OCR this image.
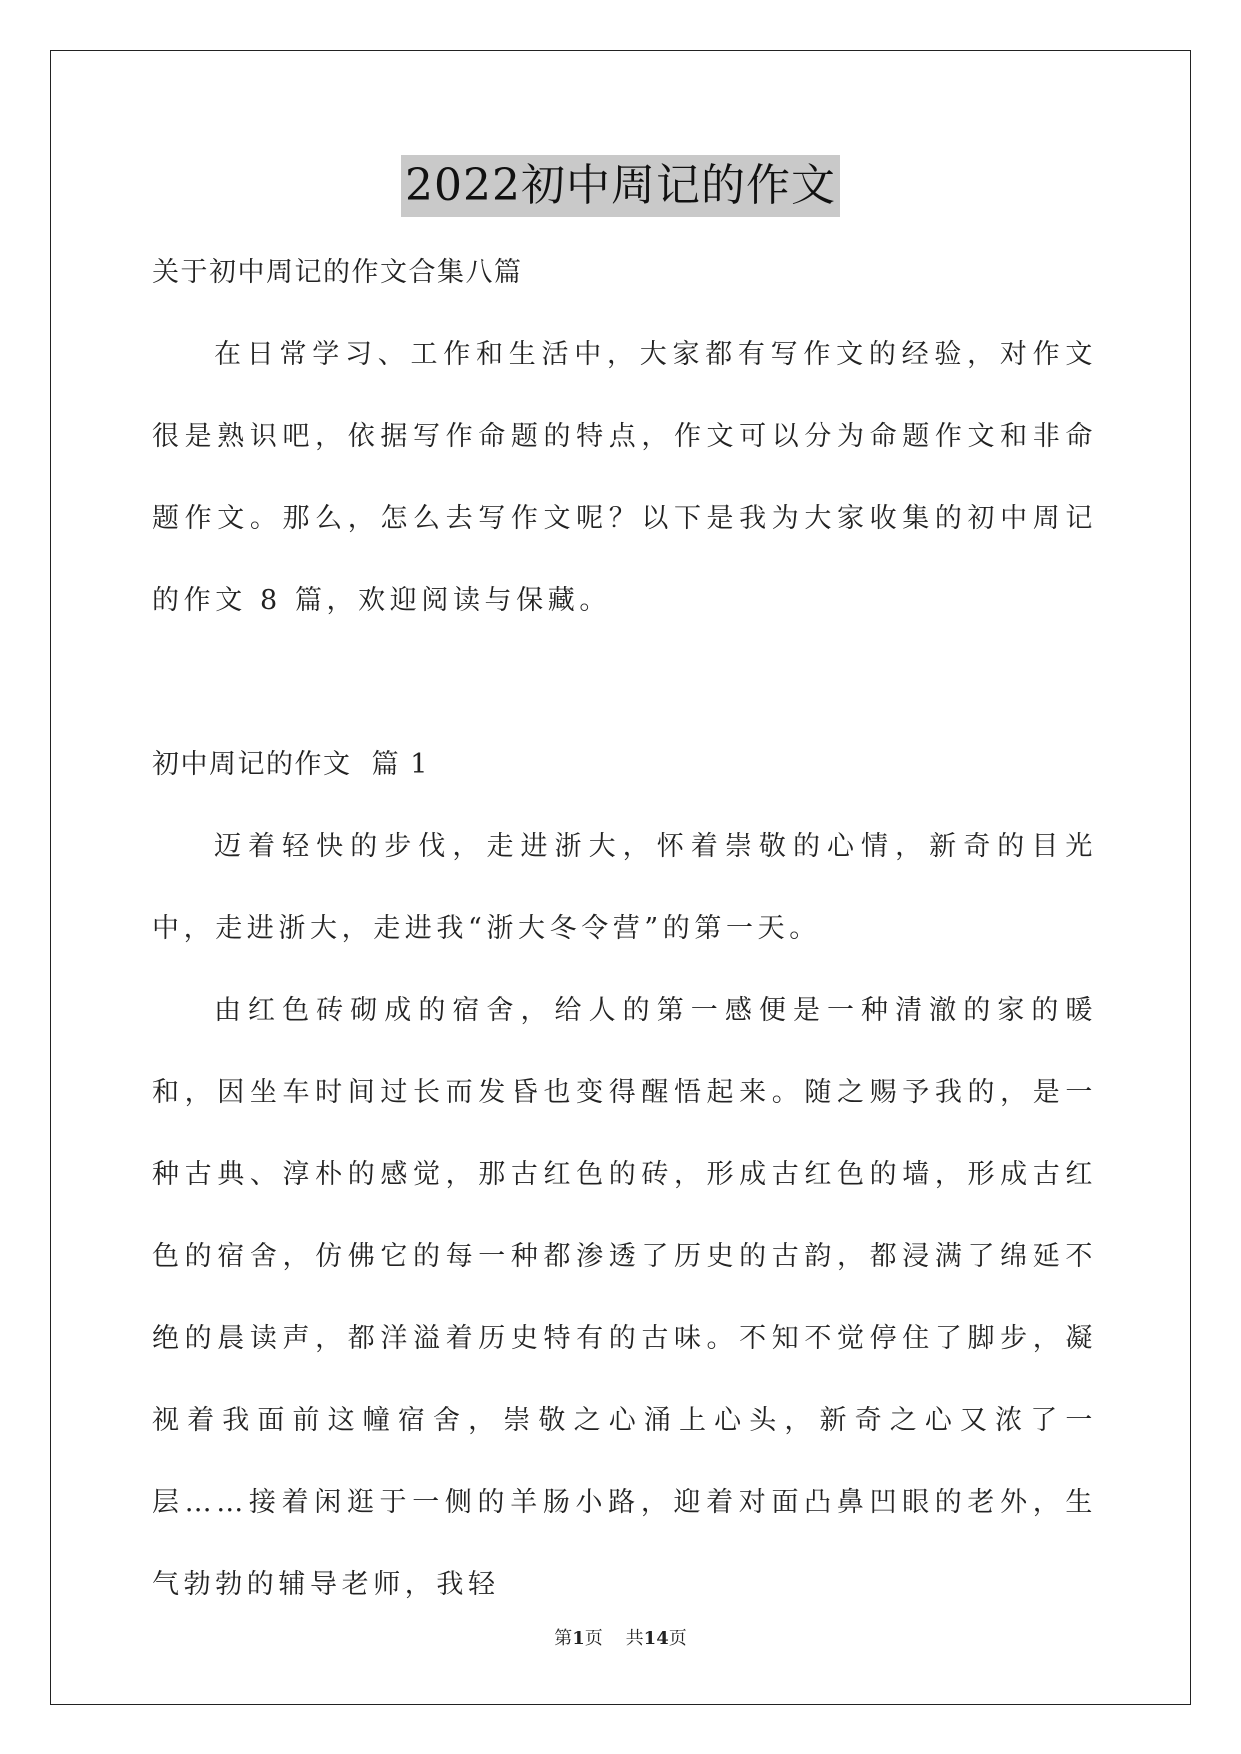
2022初中周记的作文
关于初中周记的作文合集八篇
在日常学习、工作和生活中，大家都有写作文的经验，对作文很是熟识吧，依据写作命题的特点，作文可以分为命题作文和非命题作文。那么，怎么去写作文呢？以下是我为大家收集的初中周记的作文 8 篇，欢迎阅读与保藏。
初中周记的作文  篇 1
迈着轻快的步伐，走进浙大，怀着崇敬的心情，新奇的目光中，走进浙大，走进我“浙大冬令营”的第一天。
由红色砖砌成的宿舍，给人的第一感便是一种清澈的家的暖和，因坐车时间过长而发昏也变得醒悟起来。随之赐予我的，是一种古典、淳朴的感觉，那古红色的砖，形成古红色的墙，形成古红色的宿舍，仿佛它的每一种都渗透了历史的古韵，都浸满了绵延不绝的晨读声，都洋溢着历史特有的古味。不知不觉停住了脚步，凝视着我面前这幢宿舍，崇敬之心涌上心头，新奇之心又浓了一层……接着闲逛于一侧的羊肠小路，迎着对面凸鼻凹眼的老外，生气勃勃的辅导老师，我轻
第1页    共14页
